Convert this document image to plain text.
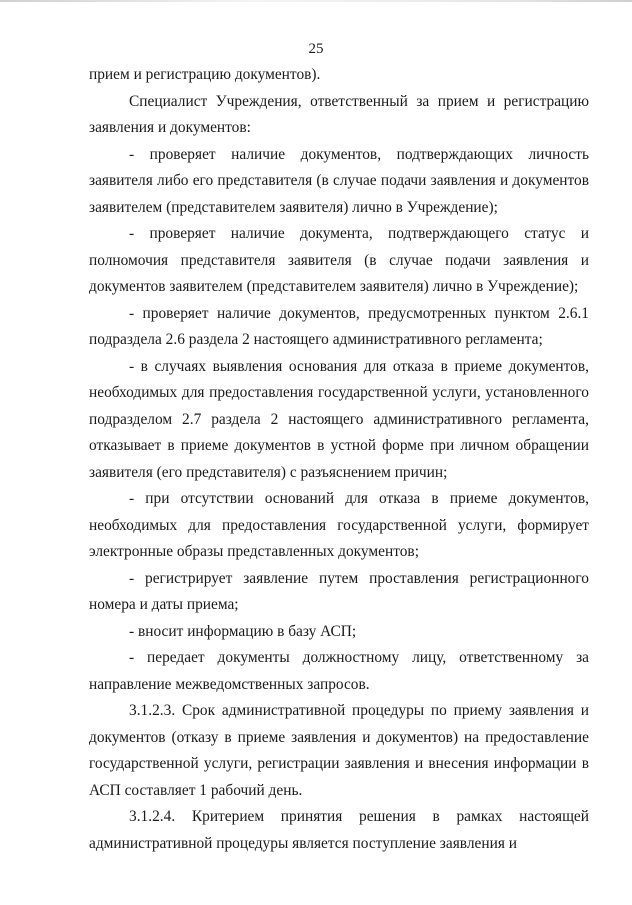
25

прием и регистрацию документов).

Специалист Учреждения, ответственный за прием и регистрацию заявления и документов:

- проверяет наличие документов, подтверждающих личность заявителя либо его представителя (в случае подачи заявления и документов заявителем (представителем заявителя) лично в Учреждение);

- проверяет наличие документа, подтверждающего статус и полномочия представителя заявителя (в случае подачи заявления и документов заявителем (представителем заявителя) лично в Учреждение);

- проверяет наличие документов, предусмотренных пунктом 2.6.1 подраздела 2.6 раздела 2 настоящего административного регламента;

- в случаях выявления основания для отказа в приеме документов, необходимых для предоставления государственной услуги, установленного подразделом 2.7 раздела 2 настоящего административного регламента, отказывает в приеме документов в устной форме при личном обращении заявителя (его представителя) с разъяснением причин;

- при отсутствии оснований для отказа в приеме документов, необходимых для предоставления государственной услуги, формирует электронные образы представленных документов;

- регистрирует заявление путем проставления регистрационного номера и даты приема;

- вносит информацию в базу АСП;

- передает документы должностному лицу, ответственному за направление межведомственных запросов.

3.1.2.3. Срок административной процедуры по приему заявления и документов (отказу в приеме заявления и документов) на предоставление государственной услуги, регистрации заявления и внесения информации в АСП составляет 1 рабочий день.

3.1.2.4. Критерием принятия решения в рамках настоящей административной процедуры является поступление заявления и
